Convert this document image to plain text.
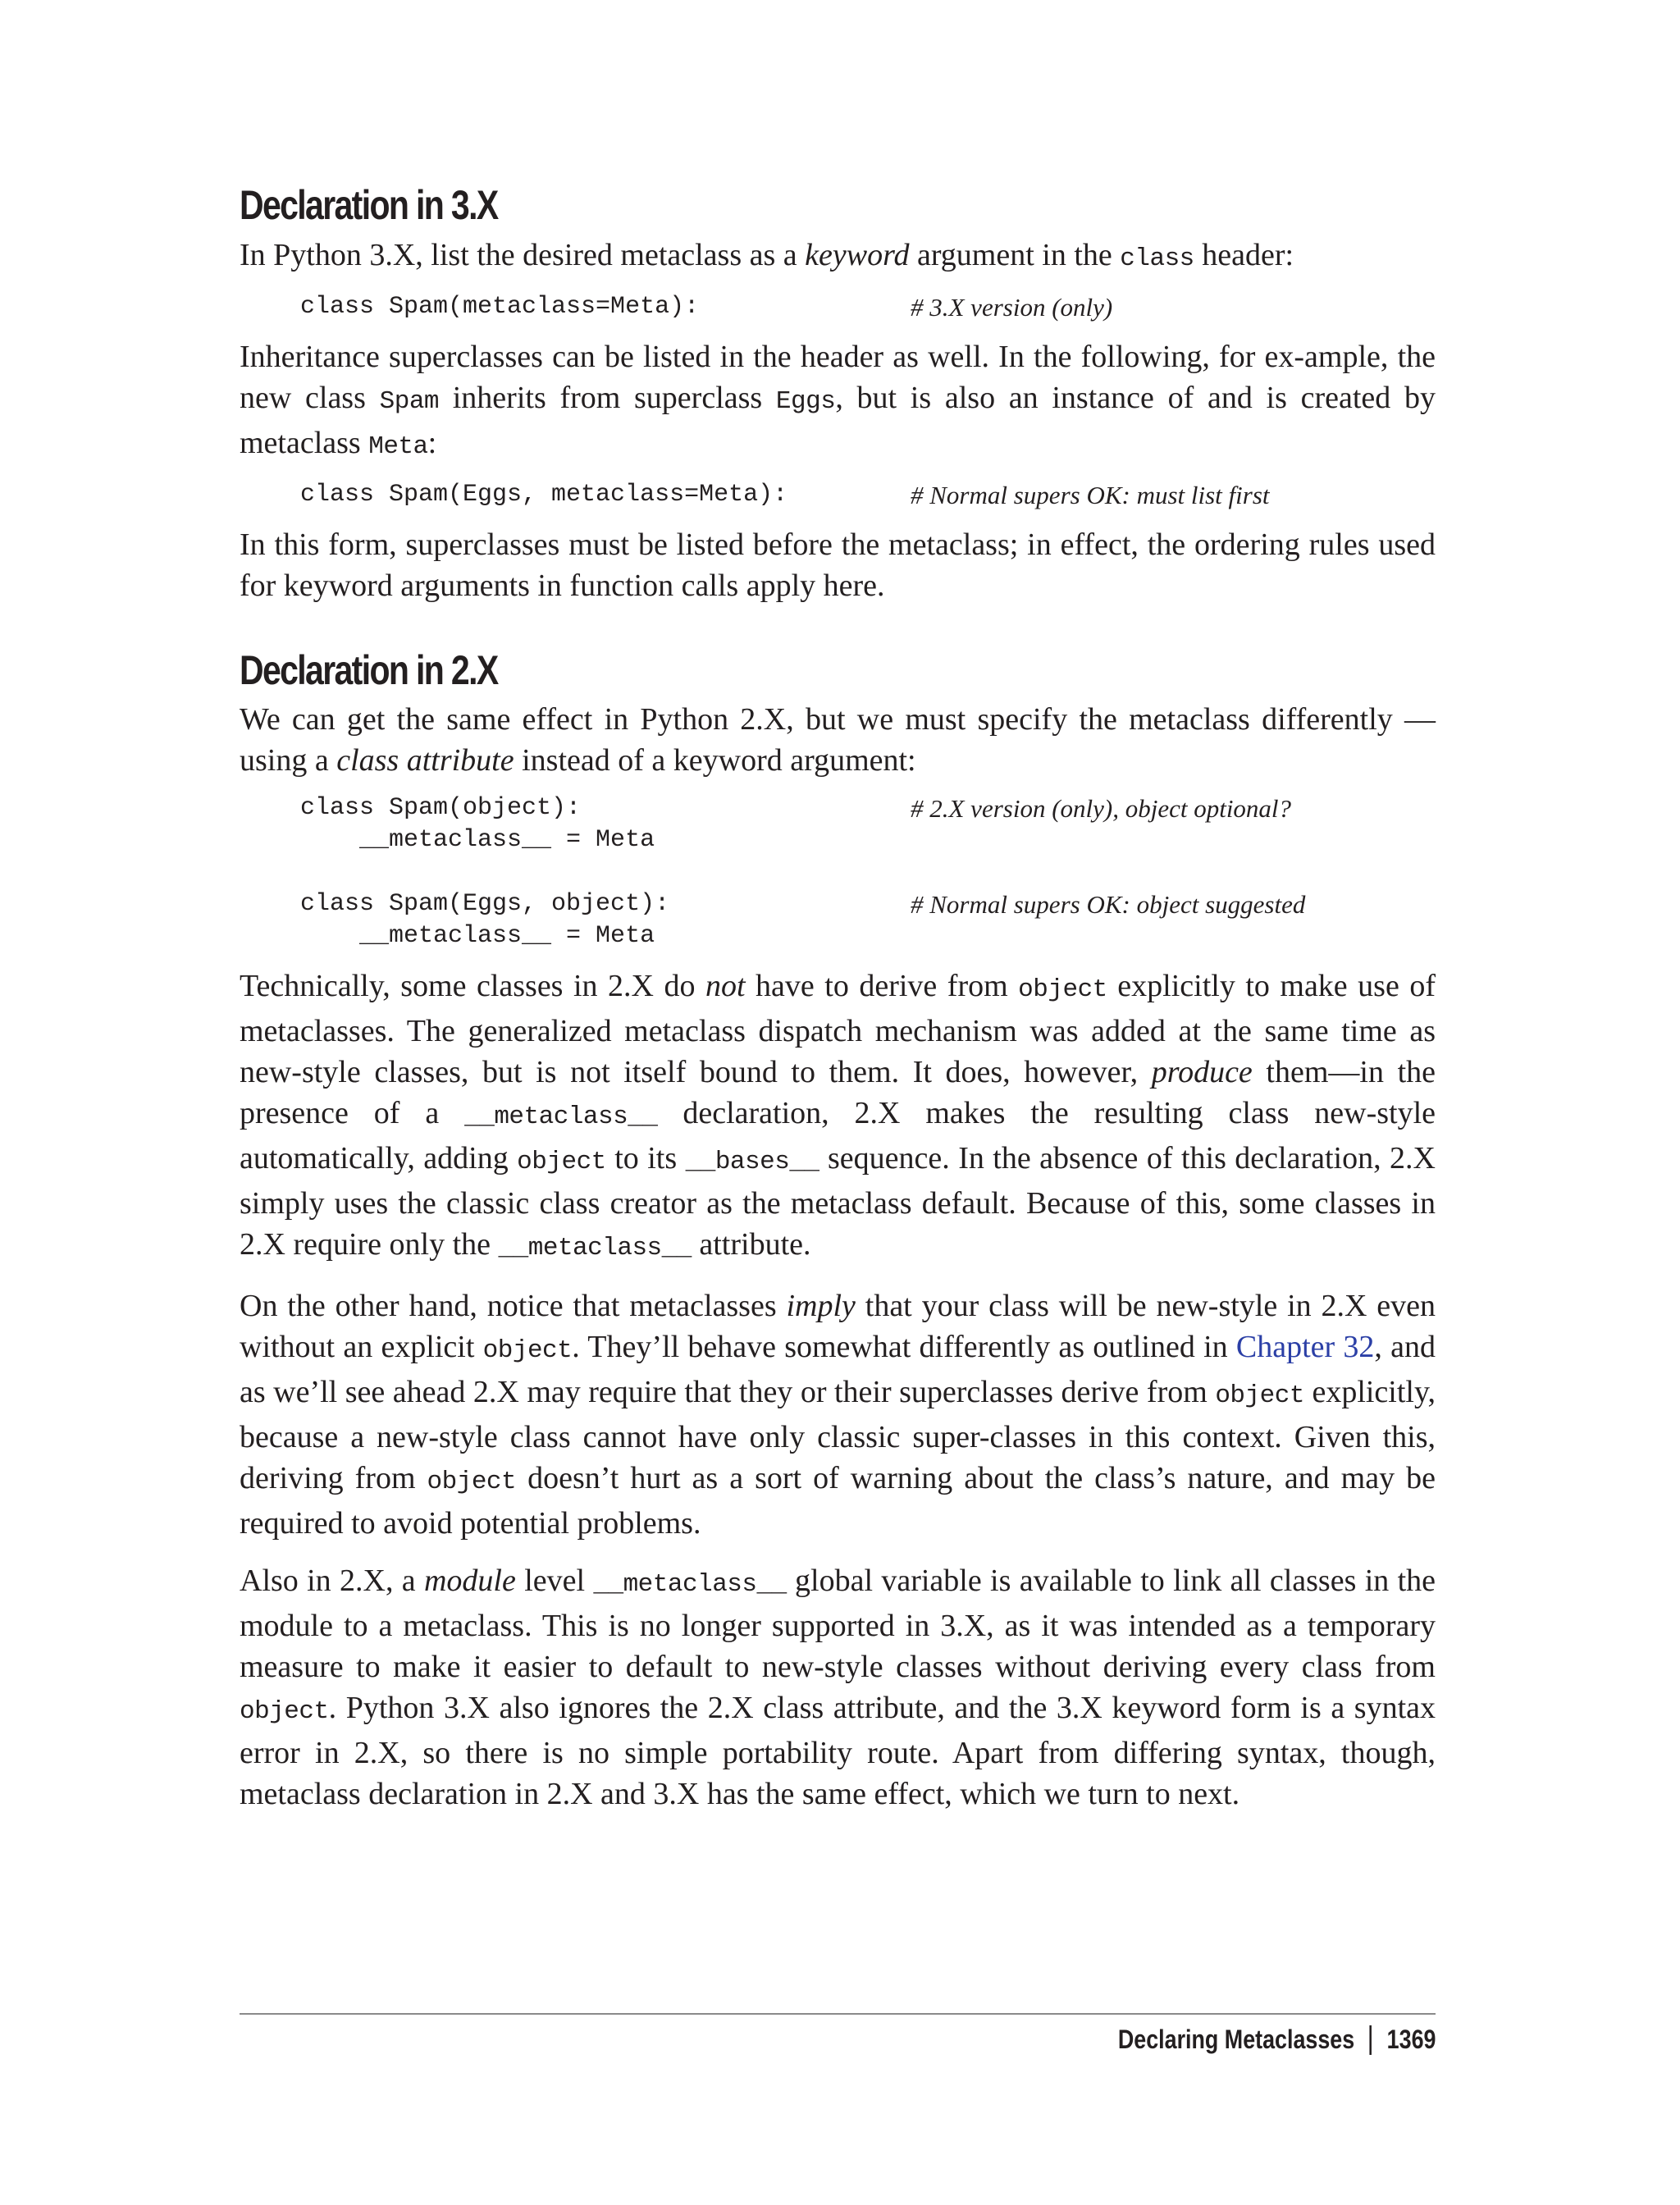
Declaration in 3.X

In Python 3.X, list the desired metaclass as a keyword argument in the class header:

class Spam(metaclass=Meta):	# 3.X version (only)

Inheritance superclasses can be listed in the header as well. In the following, for ex-ample, the new class Spam inherits from superclass Eggs, but is also an instance of and is created by metaclass Meta:

class Spam(Eggs, metaclass=Meta):	# Normal supers OK: must list first

In this form, superclasses must be listed before the metaclass; in effect, the ordering rules used for keyword arguments in function calls apply here.

Declaration in 2.X

We can get the same effect in Python 2.X, but we must specify the metaclass differently —using a class attribute instead of a keyword argument:

class Spam(object):	# 2.X version (only), object optional?
__metaclass__ = Meta
class Spam(Eggs, object):	# Normal supers OK: object suggested
__metaclass__ = Meta

Technically, some classes in 2.X do not have to derive from object explicitly to make use of metaclasses. The generalized metaclass dispatch mechanism was added at the same time as new-style classes, but is not itself bound to them. It does, however, produce them—in the presence of a __metaclass__ declaration, 2.X makes the resulting class new-style automatically, adding object to its __bases__ sequence. In the absence of this declaration, 2.X simply uses the classic class creator as the metaclass default. Because of this, some classes in 2.X require only the __metaclass__ attribute.

On the other hand, notice that metaclasses imply that your class will be new-style in 2.X even without an explicit object. They’ll behave somewhat differently as outlined in Chapter 32, and as we’ll see ahead 2.X may require that they or their superclasses derive from object explicitly, because a new-style class cannot have only classic super-classes in this context. Given this, deriving from object doesn’t hurt as a sort of warning about the class’s nature, and may be required to avoid potential problems.

Also in 2.X, a module level __metaclass__ global variable is available to link all classes in the module to a metaclass. This is no longer supported in 3.X, as it was intended as a temporary measure to make it easier to default to new-style classes without deriving every class from object. Python 3.X also ignores the 2.X class attribute, and the 3.X keyword form is a syntax error in 2.X, so there is no simple portability route. Apart from differing syntax, though, metaclass declaration in 2.X and 3.X has the same effect, which we turn to next.

Declaring Metaclasses 1369
